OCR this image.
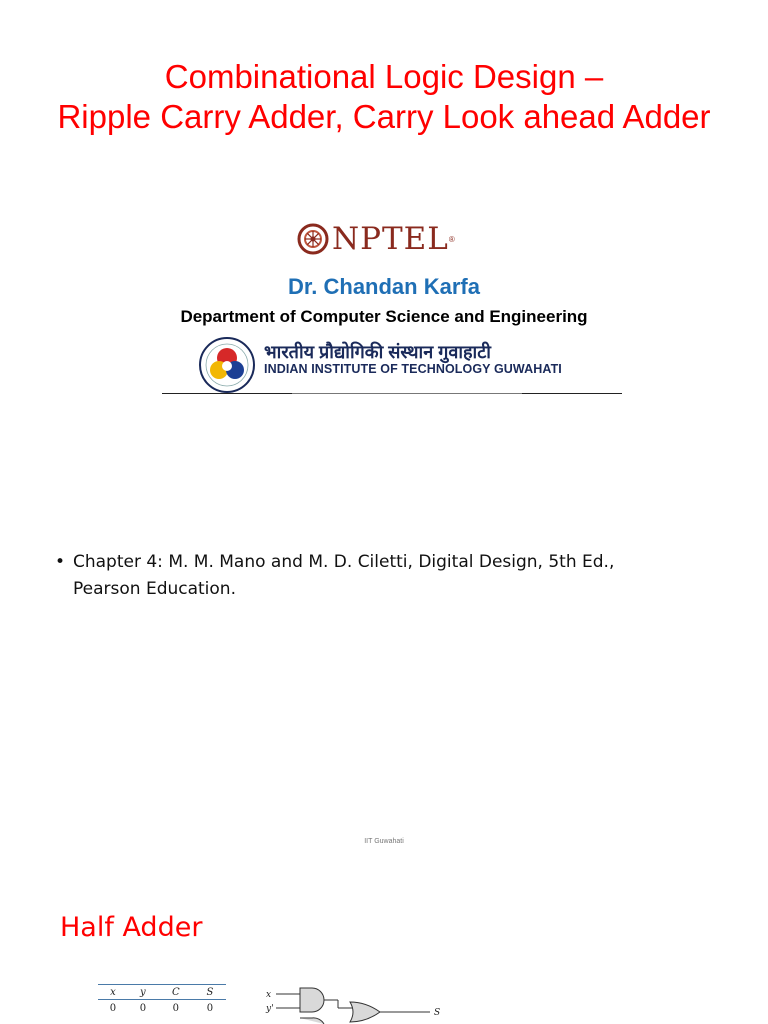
Combinational Logic Design –
Ripple Carry Adder, Carry Look ahead Adder
NPTEL ®
Dr. Chandan Karfa
Department of Computer Science and Engineering
भारतीय प्रौद्योगिकी संस्थान गुवाहाटी
INDIAN INSTITUTE OF TECHNOLOGY GUWAHATI
• Chapter 4: M. M. Mano and M. D. Ciletti, Digital Design, 5th Ed.,
Pearson Education.
IIT Guwahati
Half Adder
x	y	C	S
0	0	0	0
x
y'	S
